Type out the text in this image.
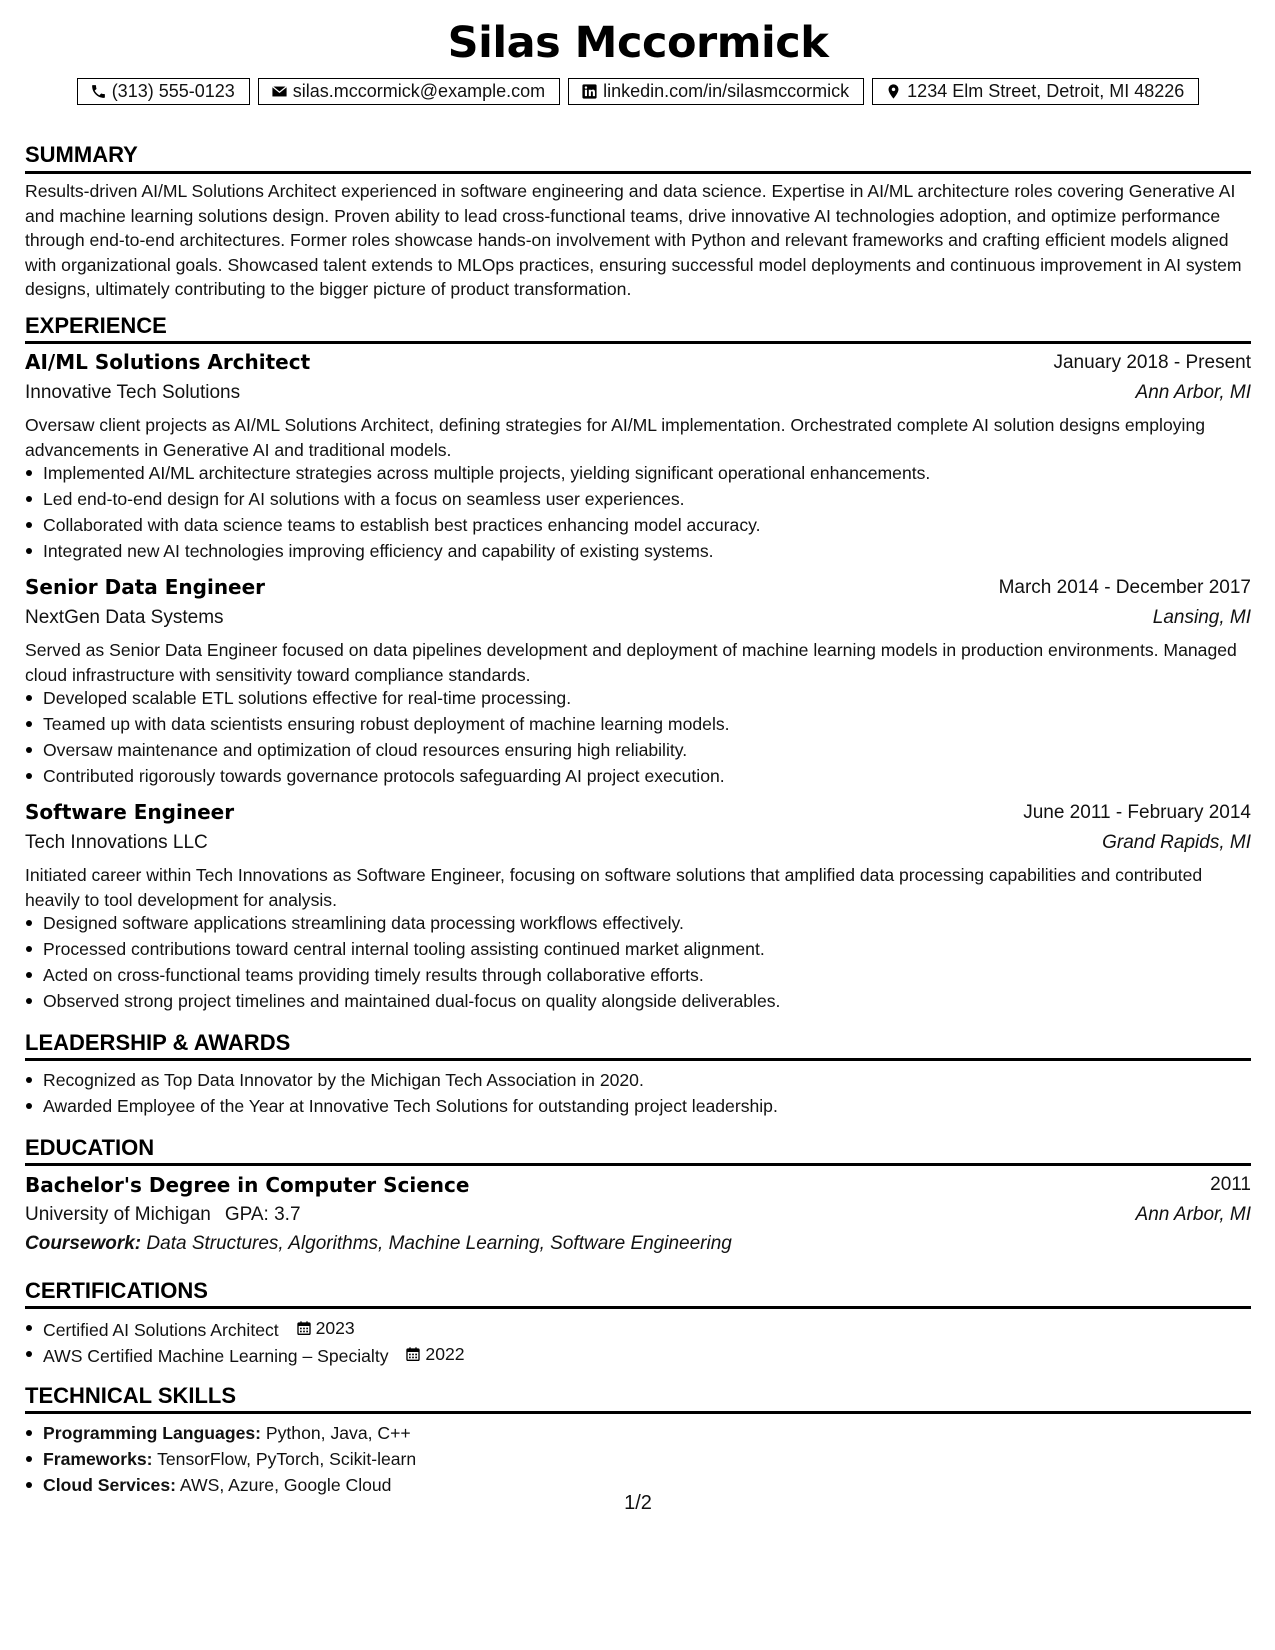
Silas Mccormick
(313) 555-0123	silas.mccormick@example.com	linkedin.com/in/silasmccormick	1234 Elm Street, Detroit, MI 48226
SUMMARY
Results-driven AI/ML Solutions Architect experienced in software engineering and data science. Expertise in AI/ML architecture roles covering Generative AI and machine learning solutions design. Proven ability to lead cross-functional teams, drive innovative AI technologies adoption, and optimize performance through end-to-end architectures. Former roles showcase hands-on involvement with Python and relevant frameworks and crafting efficient models aligned with organizational goals. Showcased talent extends to MLOps practices, ensuring successful model deployments and continuous improvement in AI system designs, ultimately contributing to the bigger picture of product transformation.
EXPERIENCE
AI/ML Solutions Architect	January 2018 - Present
Innovative Tech Solutions	Ann Arbor, MI
Oversaw client projects as AI/ML Solutions Architect, defining strategies for AI/ML implementation. Orchestrated complete AI solution designs employing advancements in Generative AI and traditional models.
Implemented AI/ML architecture strategies across multiple projects, yielding significant operational enhancements.
Led end-to-end design for AI solutions with a focus on seamless user experiences.
Collaborated with data science teams to establish best practices enhancing model accuracy.
Integrated new AI technologies improving efficiency and capability of existing systems.
Senior Data Engineer	March 2014 - December 2017
NextGen Data Systems	Lansing, MI
Served as Senior Data Engineer focused on data pipelines development and deployment of machine learning models in production environments. Managed cloud infrastructure with sensitivity toward compliance standards.
Developed scalable ETL solutions effective for real-time processing.
Teamed up with data scientists ensuring robust deployment of machine learning models.
Oversaw maintenance and optimization of cloud resources ensuring high reliability.
Contributed rigorously towards governance protocols safeguarding AI project execution.
Software Engineer	June 2011 - February 2014
Tech Innovations LLC	Grand Rapids, MI
Initiated career within Tech Innovations as Software Engineer, focusing on software solutions that amplified data processing capabilities and contributed heavily to tool development for analysis.
Designed software applications streamlining data processing workflows effectively.
Processed contributions toward central internal tooling assisting continued market alignment.
Acted on cross-functional teams providing timely results through collaborative efforts.
Observed strong project timelines and maintained dual-focus on quality alongside deliverables.
LEADERSHIP & AWARDS
Recognized as Top Data Innovator by the Michigan Tech Association in 2020.
Awarded Employee of the Year at Innovative Tech Solutions for outstanding project leadership.
EDUCATION
Bachelor's Degree in Computer Science	2011
University of Michigan GPA: 3.7	Ann Arbor, MI
Coursework: Data Structures, Algorithms, Machine Learning, Software Engineering
CERTIFICATIONS
Certified AI Solutions Architect 2023
AWS Certified Machine Learning – Specialty 2022
TECHNICAL SKILLS
Programming Languages: Python, Java, C++
Frameworks: TensorFlow, PyTorch, Scikit-learn
Cloud Services: AWS, Azure, Google Cloud
1/2
